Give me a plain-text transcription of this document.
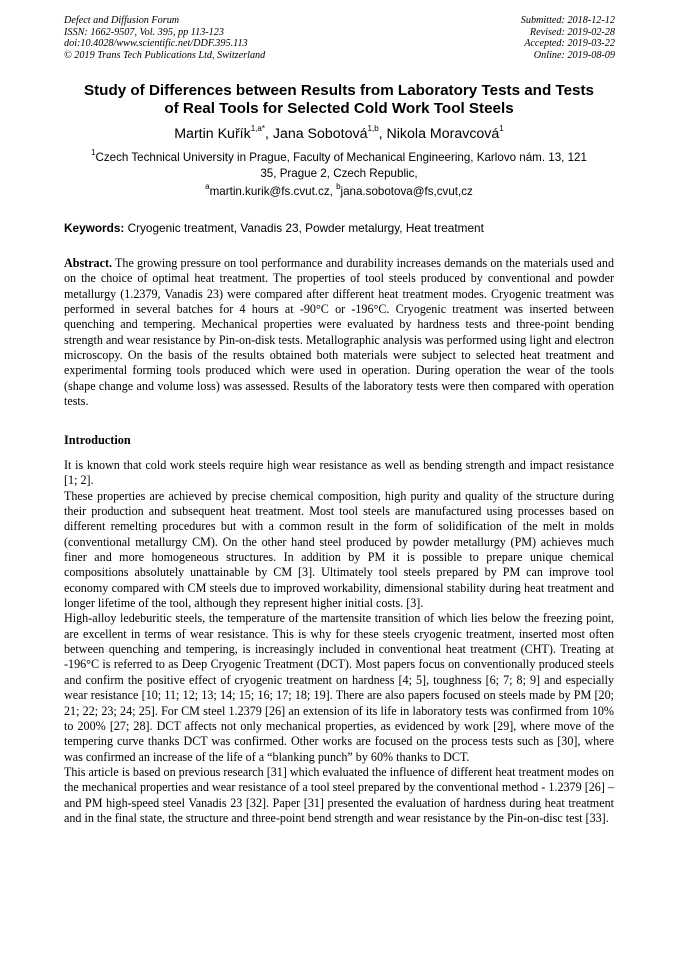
Defect and Diffusion Forum
ISSN: 1662-9507, Vol. 395, pp 113-123
doi:10.4028/www.scientific.net/DDF.395.113
© 2019 Trans Tech Publications Ltd, Switzerland
Submitted: 2018-12-12
Revised: 2019-02-28
Accepted: 2019-03-22
Online: 2019-08-09
Study of Differences between Results from Laboratory Tests and Tests
of Real Tools for Selected Cold Work Tool Steels
Martin Kuřík$^{1,a*}$, Jana Sobotová$^{1,b}$, Nikola Moravcová$^1$
$^1$Czech Technical University in Prague, Faculty of Mechanical Engineering, Karlovo nám. 13, 121
35, Prague 2, Czech Republic,
$^a$martin.kurik@fs.cvut.cz, $^b$jana.sobotova@fs,cvut,cz
Keywords: Cryogenic treatment, Vanadis 23, Powder metalurgy, Heat treatment

Abstract. The growing pressure on tool performance and durability increases demands on the materials used and on the choice of optimal heat treatment. The properties of tool steels produced by conventional and powder metallurgy (1.2379, Vanadis 23) were compared after different heat treatment modes. Cryogenic treatment was performed in several batches for 4 hours at -90°C or -196°C. Cryogenic treatment was inserted between quenching and tempering. Mechanical properties were evaluated by hardness tests and three-point bending strength and wear resistance by Pin-on-disk tests. Metallographic analysis was performed using light and electron microscopy. On the basis of the results obtained both materials were subject to selected heat treatment and experimental forming tools produced which were used in operation. During operation the wear of the tools (shape change and volume loss) was assessed. Results of the laboratory tests were then compared with operation tests.

Introduction

It is known that cold work steels require high wear resistance as well as bending strength and impact resistance [1; 2].

These properties are achieved by precise chemical composition, high purity and quality of the structure during their production and subsequent heat treatment. Most tool steels are manufactured using processes based on different remelting procedures but with a common result in the form of solidification of the melt in molds (conventional metallurgy CM). On the other hand steel produced by powder metallurgy (PM) achieves much finer and more homogeneous structures. In addition by PM it is possible to prepare unique chemical compositions absolutely unattainable by CM [3]. Ultimately tool steels prepared by PM can improve tool economy compared with CM steels due to improved workability, dimensional stability during heat treatment and longer lifetime of the tool, although they represent higher initial costs. [3].

High-alloy ledeburitic steels, the temperature of the martensite transition of which lies below the freezing point, are excellent in terms of wear resistance. This is why for these steels cryogenic treatment, inserted most often between quenching and tempering, is increasingly included in conventional heat treatment (CHT). Treating at -196°C is referred to as Deep Cryogenic Treatment (DCT). Most papers focus on conventionally produced steels and confirm the positive effect of cryogenic treatment on hardness [4; 5], toughness [6; 7; 8; 9] and especially wear resistance [10; 11; 12; 13; 14; 15; 16; 17; 18; 19]. There are also papers focused on steels made by PM [20; 21; 22; 23; 24; 25]. For CM steel 1.2379 [26] an extension of its life in laboratory tests was confirmed from 10% to 200% [27; 28]. DCT affects not only mechanical properties, as evidenced by work [29], where move of the tempering curve thanks DCT was confirmed. Other works are focused on the process tests such as [30], where was confirmed an increase of the life of a “blanking punch” by 60% thanks to DCT.

This article is based on previous research [31] which evaluated the influence of different heat treatment modes on the mechanical properties and wear resistance of a tool steel prepared by the conventional method - 1.2379 [26] – and PM high-speed steel Vanadis 23 [32]. Paper [31] presented the evaluation of hardness during heat treatment and in the final state, the structure and three-point bend strength and wear resistance by the Pin-on-disc test [33].
